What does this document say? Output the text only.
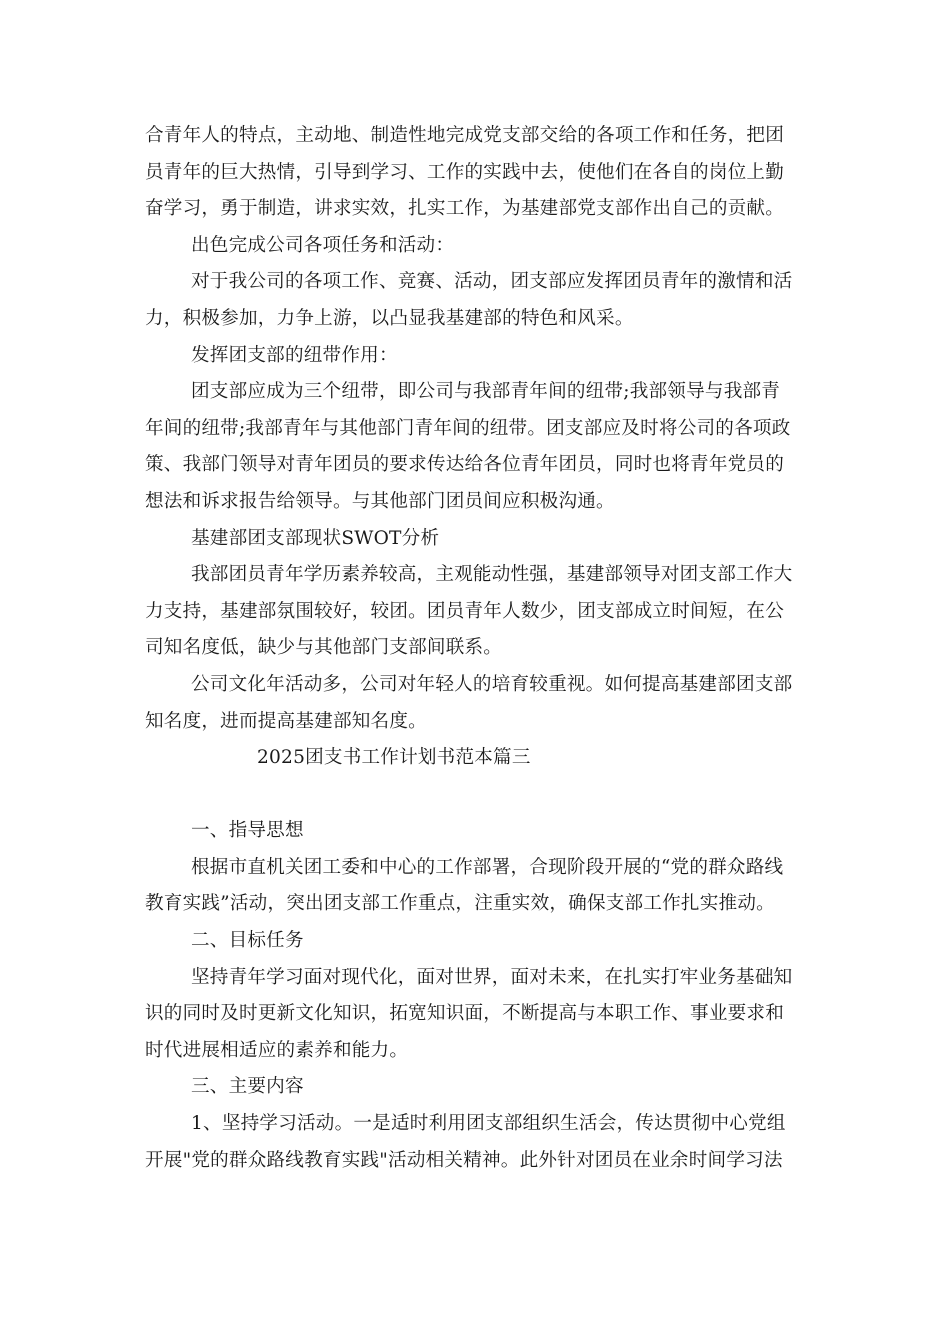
合青年人的特点，主动地、制造性地完成党支部交给的各项工作和任务，把团
员青年的巨大热情，引导到学习、工作的实践中去，使他们在各自的岗位上勤
奋学习，勇于制造，讲求实效，扎实工作，为基建部党支部作出自己的贡献。
出色完成公司各项任务和活动：
对于我公司的各项工作、竞赛、活动，团支部应发挥团员青年的激情和活
力，积极参加，力争上游，以凸显我基建部的特色和风采。
发挥团支部的纽带作用：
团支部应成为三个纽带，即公司与我部青年间的纽带;我部领导与我部青
年间的纽带;我部青年与其他部门青年间的纽带。团支部应及时将公司的各项政
策、我部门领导对青年团员的要求传达给各位青年团员，同时也将青年党员的
想法和诉求报告给领导。与其他部门团员间应积极沟通。
基建部团支部现状SWOT分析
我部团员青年学历素养较高，主观能动性强，基建部领导对团支部工作大
力支持，基建部氛围较好，较团。团员青年人数少，团支部成立时间短，在公
司知名度低，缺少与其他部门支部间联系。
公司文化年活动多，公司对年轻人的培育较重视。如何提高基建部团支部
知名度，进而提高基建部知名度。
2025团支书工作计划书范本篇三
一、指导思想
根据市直机关团工委和中心的工作部署，合现阶段开展的“党的群众路线
教育实践”活动，突出团支部工作重点，注重实效，确保支部工作扎实推动。
二、目标任务
坚持青年学习面对现代化，面对世界，面对未来，在扎实打牢业务基础知
识的同时及时更新文化知识，拓宽知识面，不断提高与本职工作、事业要求和
时代进展相适应的素养和能力。
三、主要内容
1、坚持学习活动。一是适时利用团支部组织生活会，传达贯彻中心党组
开展"党的群众路线教育实践"活动相关精神。此外针对团员在业余时间学习法
